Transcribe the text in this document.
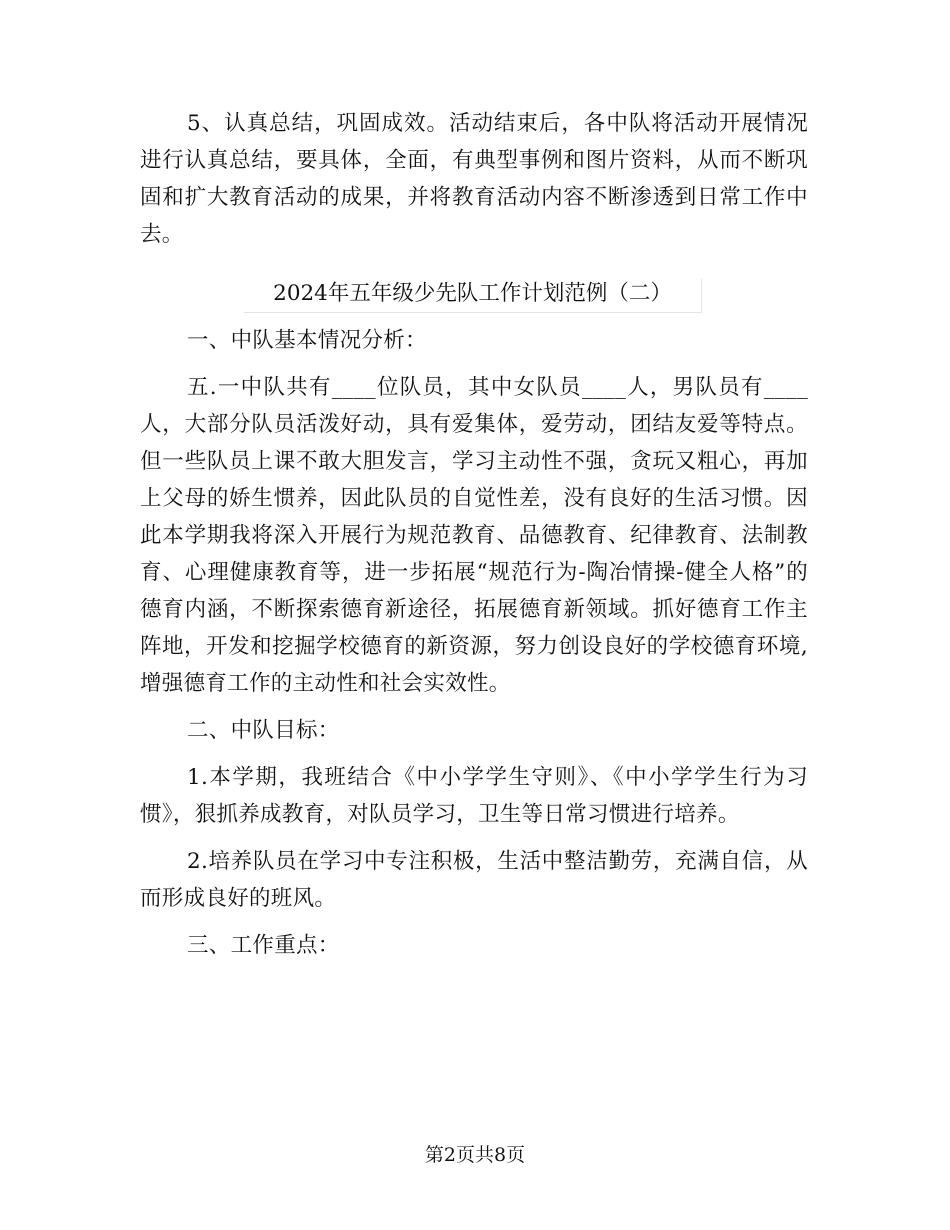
5、认真总结，巩固成效。活动结束后，各中队将活动开展情况进行认真总结，要具体，全面，有典型事例和图片资料，从而不断巩固和扩大教育活动的成果，并将教育活动内容不断渗透到日常工作中去。

2024年五年级少先队工作计划范例（二）

一、中队基本情况分析：

五.一中队共有____位队员，其中女队员____人，男队员有____人，大部分队员活泼好动，具有爱集体，爱劳动，团结友爱等特点。但一些队员上课不敢大胆发言，学习主动性不强，贪玩又粗心，再加上父母的娇生惯养，因此队员的自觉性差，没有良好的生活习惯。因此本学期我将深入开展行为规范教育、品德教育、纪律教育、法制教育、心理健康教育等，进一步拓展“规范行为-陶冶情操-健全人格”的德育内涵，不断探索德育新途径，拓展德育新领域。抓好德育工作主阵地，开发和挖掘学校德育的新资源，努力创设良好的学校德育环境,增强德育工作的主动性和社会实效性。

二、中队目标：

1.本学期，我班结合《中小学学生守则》、《中小学学生行为习惯》，狠抓养成教育，对队员学习，卫生等日常习惯进行培养。

2.培养队员在学习中专注积极，生活中整洁勤劳，充满自信，从而形成良好的班风。

三、工作重点：

第2页共8页
